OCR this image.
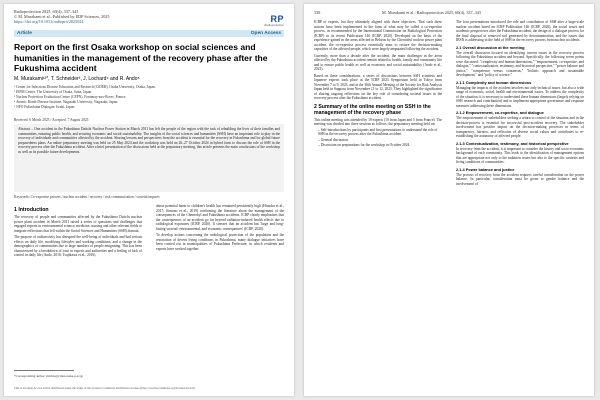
Radioprotection 2025, 60(4), 337–343
© M. Murakami et al., Published by EDP Sciences, 2025
https://doi.org/10.1051/radiopro/2025024	RP
Radioprotection
Article	Open Access
Report on the first Osaka workshop on social sciences and humanities in the management of the recovery phase after the Fukushima accident
M. Murakami¹²*, T. Schneider³, J. Lochard⁴ and R. Ando⁵
¹ Center for Infectious Disease Education and Research (CiDER), Osaka University, Osaka, Japan.
² EIPM Center, The University of Osaka, Suita, Japan.
³ Nuclear Protection Evaluation Centre (CEPN), Fontenay-aux-Roses, France.
⁴ Atomic Bomb Disease Institute, Nagasaki University, Nagasaki, Japan.
⁵ NPO Fukushima Dialogue, Iwaki, Japan.
Received: 6 March 2025 / Accepted: 7 August 2025
Abstract – One accident in the Fukushima Daiichi Nuclear Power Station in March 2011 has left the people of the region with the task of rebuilding the lives of their families and communities, ensuring public health, and securing economic and social sustainability. The insights of the social sciences and humanities (SSH) have an important role to play in the recovery of individuals and communities affected by the accident. Sharing lessons and perspectives from the accident is essential for the recovery in Fukushima and for global future preparedness plans. An online preparatory meeting was held on 25 May 2024 and the workshop was held on 26–27 October 2024 in hybrid form to discuss the role of SSH in the recovery process after the Fukushima accident. After a brief presentation of the discussions held at the preparatory meeting, this article presents the main conclusions of the workshop as well as its possible future developments.
Keywords: Co-expertise process / nuclear accident / recovery / risk communication / societal impacts
1 Introduction
The recovery of people and communities affected by the Fukushima Daiichi nuclear power plant accident in March 2011 raised a series of questions and challenges that engaged experts in environmental science, medicine, nursing and other relevant fields to integrate reflections that fell within the Social Sciences and Humanities (SSH) domain.
The purpose of radioactivity has disrupted the well-being of individuals and had serious effects on daily life, modifying lifestyles and working conditions, and a change in the demographics of communities due to large numbers of people emigrating. This has been characterized by a breakdown of trust in experts and authorities and a feeling of lack of control in daily life (Ando, 2018; Tsujikawa et al., 2016).
about potential harm to children's health has remained persistently high (Hiraoka et al., 2017; Sawano et al., 2019) confirming the literature about the management of the consequences of the Chernobyl and Fukushima accidents. ICRP clearly emphasizes that the consequences of an accident go far beyond radiation-induced health effects due to radiological exposures (ICRP, 2020). It stresses that an accident has 'large and long-lasting societal, environmental, and economic consequences' (ICRP, 2020).
To develop actions concerning the radiological protection of the population and the restoration of decent living conditions in Fukushima, many dialogue initiatives have been carried out in municipalities of Fukushima Prefecture, in which residents and experts have worked together.
*Corresponding author: michio@cider.osaka-u.ac.jp
This is an Open Access article distributed under the terms of the Creative Commons Attribution License (https://creativecommons.org/licenses/by/4.0)
338	M. Murakami et al.: Radioprotection 2025, 60(4), 337–343
ICRP or experts, but they ultimately aligned with those objectives. That such these actions have been implemented in the form of what may be called a co-expertise process, as recommended by the International Commission on Radiological Protection (ICRP) in its recent Publication 146 (ICRP, 2020). Developed on the basis of the experience gained in the areas affected in Belarus by the Chernobyl nuclear power plant accident, the co-expertise process essentially aims to restore the decision-making capacities of the affected people, which were largely amputated following the accident.
Currently, more than a decade after the accident, the main challenges in the areas affected by the Fukushima accident remain related to health, family and community life and to ensure public health as well as economic and social sustainability (Ando et al., 2023).
Based on these considerations, a series of discussions between SSH scientists and Japanese experts took place at the ICRP 2023 Symposium held in Tokyo from November 7 to 9, 2023, and at the 36th Annual Meeting of the Society for Risk Analysis Japan held in Sapporo from November 11 to 12, 2023. They highlighted the significance of sharing ongoing reflections on the key role of considering societal issues in the recovery process after the Fukushima accident.
2 Summary of the online meeting on SSH in the management of the recovery phase
This online meeting was attended by 19 experts (10 from Japan and 5 from France). The meeting was divided into three sessions as follows: the preparatory meeting held on:
– Self-introductions by participants and first presentations to understand the role of SSH in the recovery process after the Fukushima accident.
– General discussion.
– Discussion on preparations for the workshop in October 2024.
The four presentations introduced the role and contribution of SSH after a large-scale nuclear accident based on ICRP Publication 146 (ICRP, 2020), the social issues and academic perspectives after the Fukushima accident, the design of a dialogue process for the final disposal of removed soil generated by decontamination, and the issues that IRSN is addressing in the field of SSH in the recovery process from nuclear accidents.
2.1 Overall discussion at the meeting
The overall discussion focused on identifying current issues in the recovery process following the Fukushima accident and beyond. Specifically, the following seven points were discussed: "complexity and human dimensions," "empowerment, co-expertise, and dialogue," "contextualization, testimony, and historical perspective," "power balance and justice," "competence versus consensus," "holistic approach and sustainable development," and "policy of science."
2.1.1 Complexity and human dimensions
Managing the impacts of the accident involves not only technical issues, but also a wide range of economic, social, health and environmental issues. To address the complexity of the situation, it is necessary to understand these human dimensions (largely relying on SSH research and contribution) and to implement appropriate governance and response measures addressing these dimensions.
2.1.2 Empowerment, co-expertise, and dialogue
The empowerment of stakeholders seeking a return to control of the situation and in the decision-process is essential for successful post-accident recovery. The stakeholder involvement has positive impact on the decision-making processes in terms of transparency, fairness, and reflection of diverse social values and contributes to re-establishing the autonomy of affected people.
2.1.3 Contextualization, testimony, and historical perspective
In recovery from the accident, it is important to consider the history and socio-economic background of each community. This leads to the identification of management options that are appropriate not only to the radiation issues but also to the specific contexts and living conditions of communities.
2.1.4 Power balance and justice
The process of recovery from the accident requires careful consideration on the power balance. In particular, consideration must be given to gender balance and the involvement of
